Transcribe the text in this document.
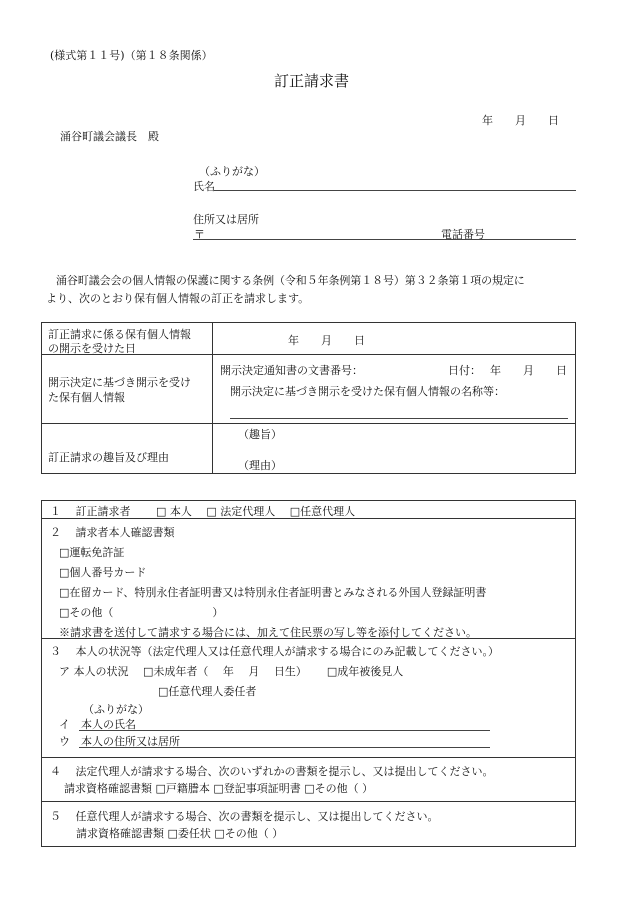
(様式第１１号)（第１８条関係）
訂正請求書
年　　月　　日
涌谷町議会議長　殿
（ふりがな）
氏名
住所又は居所
〒	電話番号
涌谷町議会会の個人情報の保護に関する条例（令和５年条例第１８号）第３２条第１項の規定に
より、次のとおり保有個人情報の訂正を請求します。
訂正請求に係る保有個人情報
の開示を受けた日
年　　月　　日
開示決定に基づき開示を受け
た保有個人情報
開示決定通知書の文書番号：	日付：　 年　　月　　日
開示決定に基づき開示を受けた保有個人情報の名称等：
訂正請求の趣旨及び理由
（趣旨）
（理由）
１　 訂正請求者　　 □ 本人　 □ 法定代理人　 □任意代理人
２　 請求者本人確認書類
□運転免許証
□個人番号カード
□在留カード、特別永住者証明書又は特別永住者証明書とみなされる外国人登録証明書
□その他（　　　　　　　　　）
※請求書を送付して請求する場合には、加えて住民票の写し等を添付してください。
３　 本人の状況等（法定代理人又は任意代理人が請求する場合にのみ記載してください。）
ア 本人の状況　 □未成年者（　 年　 月　 日生）　　 □成年被後見人
□任意代理人委任者
（ふりがな）
イ　本人の氏名
ウ　本人の住所又は居所
４　 法定代理人が請求する場合、次のいずれかの書類を提示し、又は提出してください。
請求資格確認書類 □戸籍謄本 □登記事項証明書 □その他（ ）
５　 任意代理人が請求する場合、次の書類を提示し、又は提出してください。
請求資格確認書類 □委任状 □その他（ ）
